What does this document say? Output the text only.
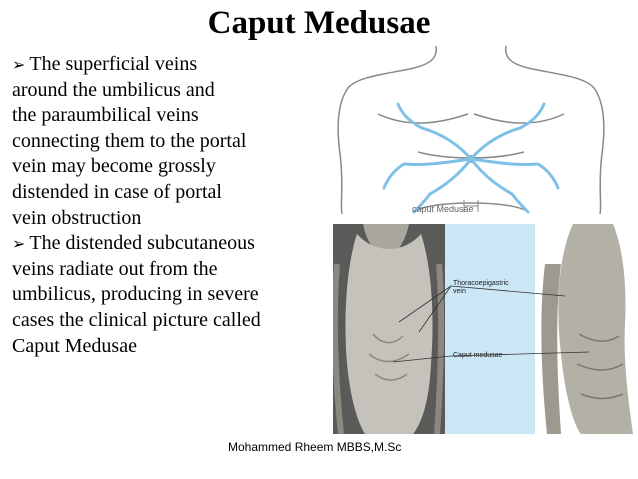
Caput Medusae
➢ The superficial veins
around the umbilicus and
the paraumbilical veins
connecting them to the portal
vein may become grossly
distended in case of portal
vein obstruction
➢ The distended subcutaneous
veins radiate out from the
umbilicus, producing in severe
cases the clinical picture called
Caput Medusae
caput Medusae
Thoracoepigastric
vein
Caput medusae
Mohammed Rheem MBBS,M.Sc
